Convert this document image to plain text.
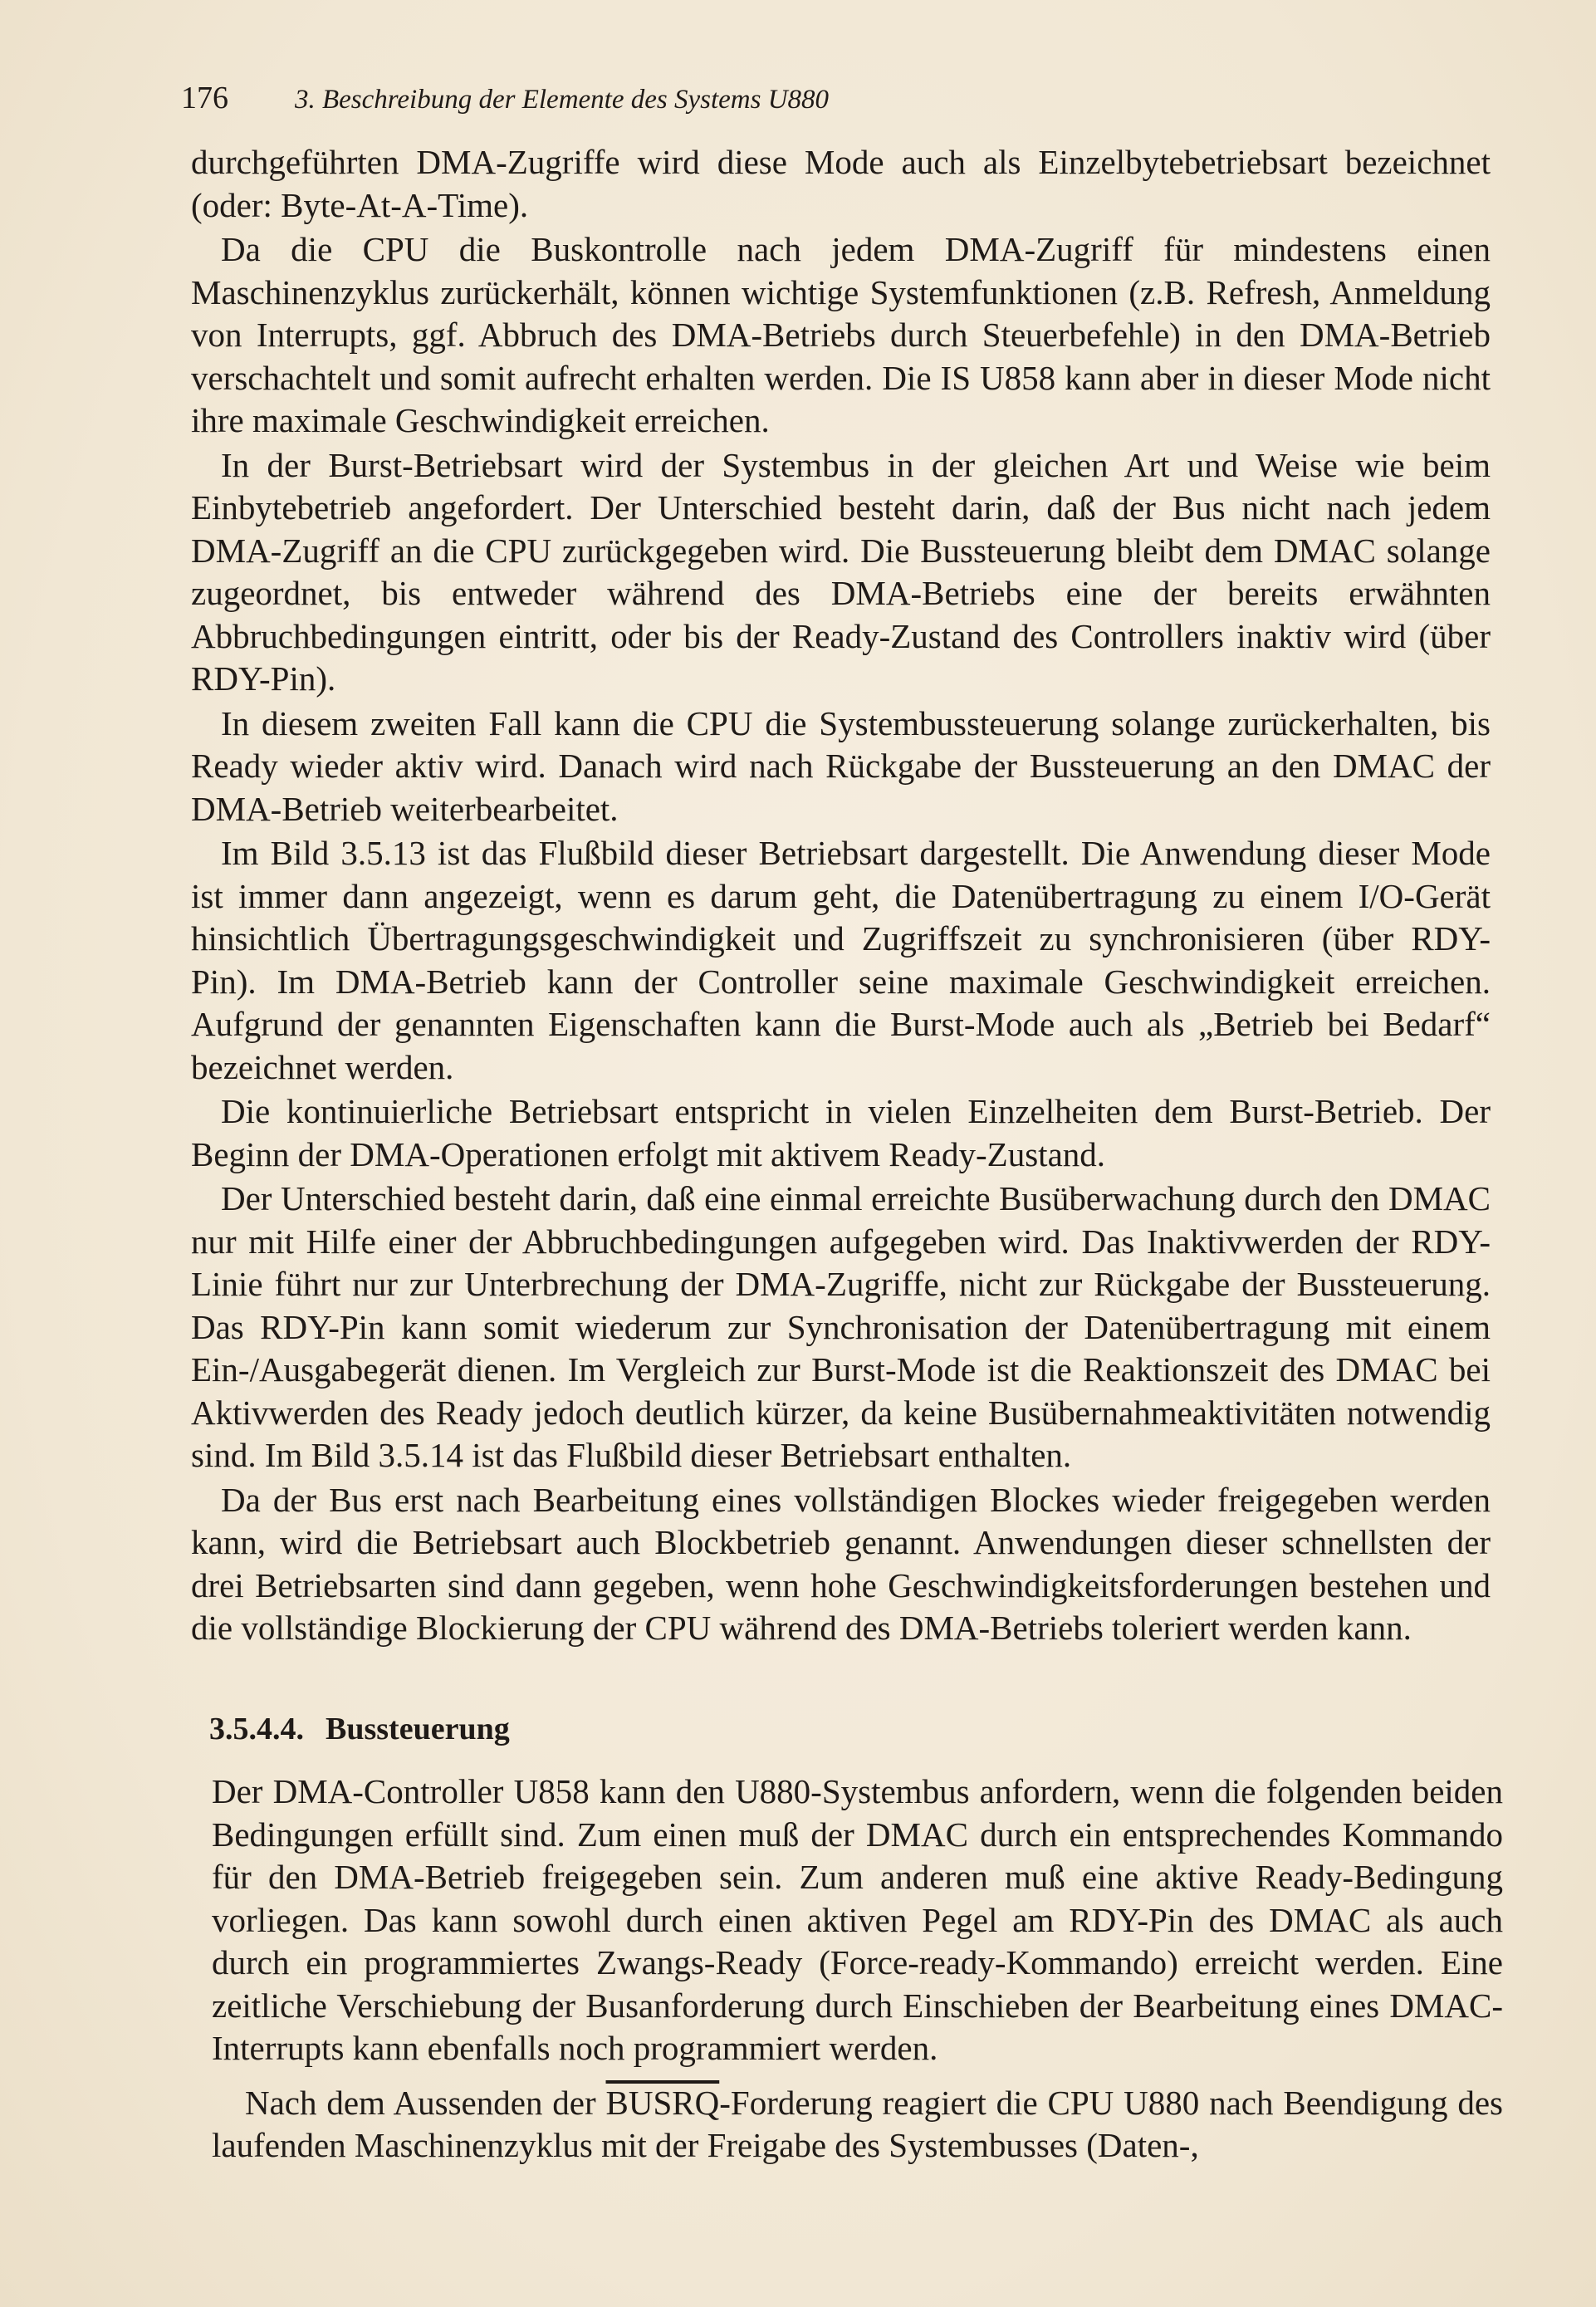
176 3. Beschreibung der Elemente des Systems U880

durchgeführten DMA-Zugriffe wird diese Mode auch als Einzelbytebetriebsart bezeichnet (oder: Byte-At-A-Time).

Da die CPU die Buskontrolle nach jedem DMA-Zugriff für mindestens einen Maschinenzyklus zurückerhält, können wichtige Systemfunktionen (z.B. Refresh, Anmeldung von Interrupts, ggf. Abbruch des DMA-Betriebs durch Steuerbefehle) in den DMA-Betrieb verschachtelt und somit aufrecht erhalten werden. Die IS U858 kann aber in dieser Mode nicht ihre maximale Geschwindigkeit erreichen.

In der Burst-Betriebsart wird der Systembus in der gleichen Art und Weise wie beim Einbytebetrieb angefordert. Der Unterschied besteht darin, daß der Bus nicht nach jedem DMA-Zugriff an die CPU zurückgegeben wird. Die Bussteuerung bleibt dem DMAC solange zugeordnet, bis entweder während des DMA-Betriebs eine der bereits erwähnten Abbruchbedingungen eintritt, oder bis der Ready-Zustand des Controllers inaktiv wird (über RDY-Pin).

In diesem zweiten Fall kann die CPU die Systembussteuerung solange zurückerhalten, bis Ready wieder aktiv wird. Danach wird nach Rückgabe der Bussteuerung an den DMAC der DMA-Betrieb weiterbearbeitet.

Im Bild 3.5.13 ist das Flußbild dieser Betriebsart dargestellt. Die Anwendung dieser Mode ist immer dann angezeigt, wenn es darum geht, die Datenübertragung zu einem I/O-Gerät hinsichtlich Übertragungsgeschwindigkeit und Zugriffszeit zu synchronisieren (über RDY-Pin). Im DMA-Betrieb kann der Controller seine maximale Geschwindigkeit erreichen. Aufgrund der genannten Eigenschaften kann die Burst-Mode auch als „Betrieb bei Bedarf“ bezeichnet werden.

Die kontinuierliche Betriebsart entspricht in vielen Einzelheiten dem Burst-Betrieb. Der Beginn der DMA-Operationen erfolgt mit aktivem Ready-Zustand.

Der Unterschied besteht darin, daß eine einmal erreichte Busüberwachung durch den DMAC nur mit Hilfe einer der Abbruchbedingungen aufgegeben wird. Das Inaktivwerden der RDY-Linie führt nur zur Unterbrechung der DMA-Zugriffe, nicht zur Rückgabe der Bussteuerung. Das RDY-Pin kann somit wiederum zur Synchronisation der Datenübertragung mit einem Ein-/Ausgabegerät dienen. Im Vergleich zur Burst-Mode ist die Reaktionszeit des DMAC bei Aktivwerden des Ready jedoch deutlich kürzer, da keine Busübernahmeaktivitäten notwendig sind. Im Bild 3.5.14 ist das Flußbild dieser Betriebsart enthalten.

Da der Bus erst nach Bearbeitung eines vollständigen Blockes wieder freigegeben werden kann, wird die Betriebsart auch Blockbetrieb genannt. Anwendungen dieser schnellsten der drei Betriebsarten sind dann gegeben, wenn hohe Geschwindigkeitsforderungen bestehen und die vollständige Blockierung der CPU während des DMA-Betriebs toleriert werden kann.

3.5.4.4. Bussteuerung

Der DMA-Controller U858 kann den U880-Systembus anfordern, wenn die folgenden beiden Bedingungen erfüllt sind. Zum einen muß der DMAC durch ein entsprechendes Kommando für den DMA-Betrieb freigegeben sein. Zum anderen muß eine aktive Ready-Bedingung vorliegen. Das kann sowohl durch einen aktiven Pegel am RDY-Pin des DMAC als auch durch ein programmiertes Zwangs-Ready (Force-ready-Kommando) erreicht werden. Eine zeitliche Verschiebung der Busanforderung durch Einschieben der Bearbeitung eines DMAC-Interrupts kann ebenfalls noch programmiert werden.

Nach dem Aussenden der BUSRQ-Forderung reagiert die CPU U880 nach Beendigung des laufenden Maschinenzyklus mit der Freigabe des Systembusses (Daten-,
